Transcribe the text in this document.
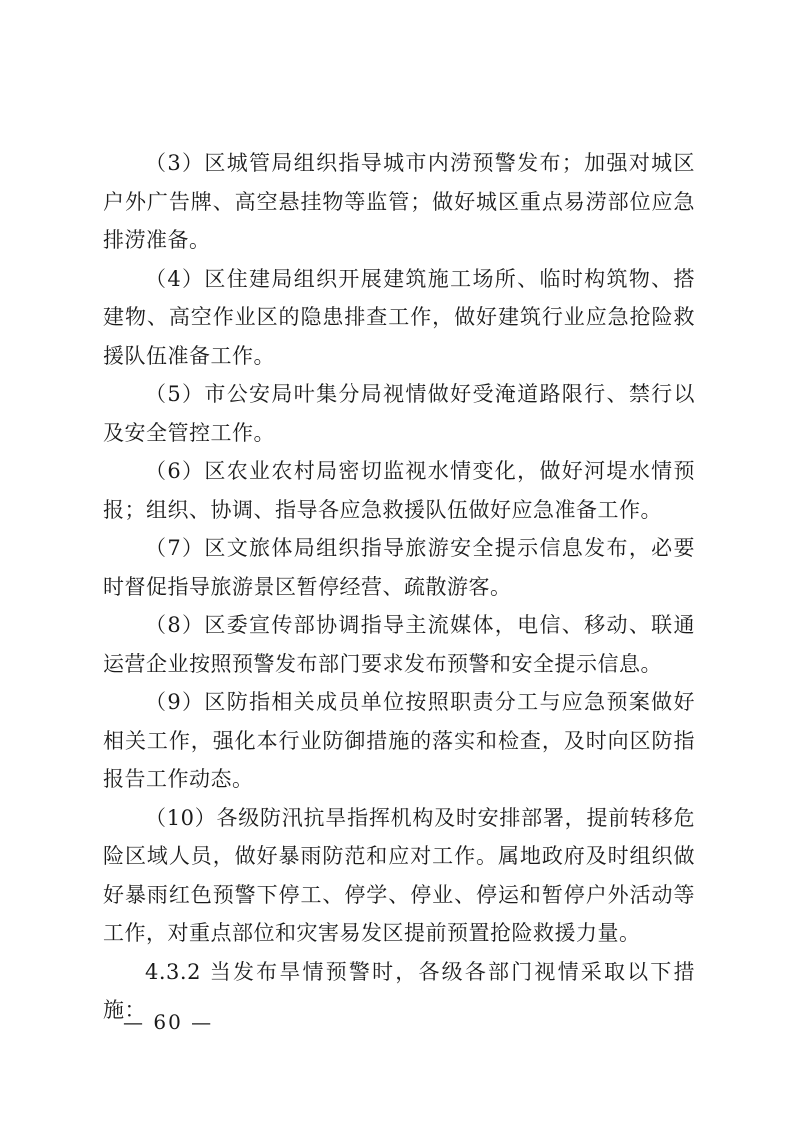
（3）区城管局组织指导城市内涝预警发布；加强对城区户外广告牌、高空悬挂物等监管；做好城区重点易涝部位应急排涝准备。

（4）区住建局组织开展建筑施工场所、临时构筑物、搭建物、高空作业区的隐患排查工作，做好建筑行业应急抢险救援队伍准备工作。

（5）市公安局叶集分局视情做好受淹道路限行、禁行以及安全管控工作。

（6）区农业农村局密切监视水情变化，做好河堤水情预报；组织、协调、指导各应急救援队伍做好应急准备工作。

（7）区文旅体局组织指导旅游安全提示信息发布，必要时督促指导旅游景区暂停经营、疏散游客。

（8）区委宣传部协调指导主流媒体，电信、移动、联通运营企业按照预警发布部门要求发布预警和安全提示信息。

（9）区防指相关成员单位按照职责分工与应急预案做好相关工作，强化本行业防御措施的落实和检查，及时向区防指报告工作动态。

（10）各级防汛抗旱指挥机构及时安排部署，提前转移危险区域人员，做好暴雨防范和应对工作。属地政府及时组织做好暴雨红色预警下停工、停学、停业、停运和暂停户外活动等工作，对重点部位和灾害易发区提前预置抢险救援力量。

4.3.2 当发布旱情预警时，各级各部门视情采取以下措施：

— 60 —
